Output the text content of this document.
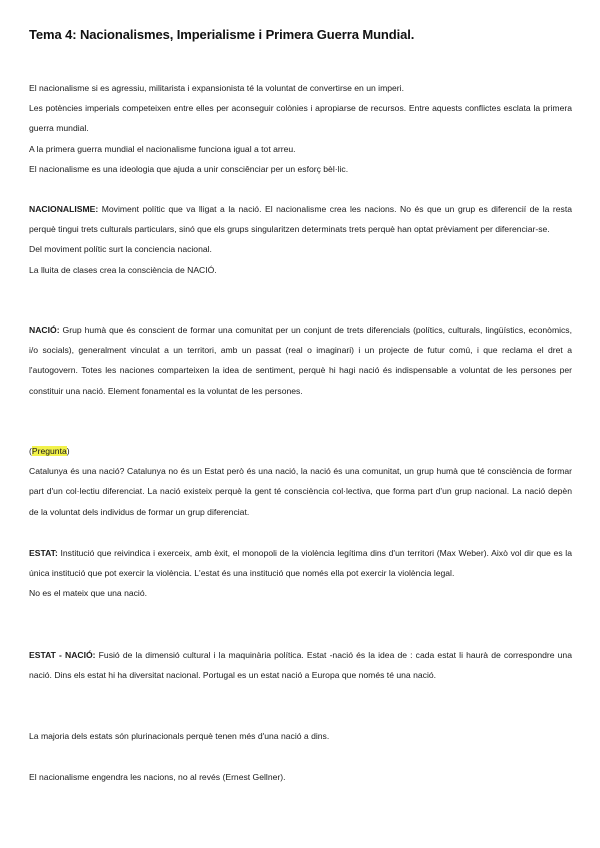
Tema 4: Nacionalismes, Imperialisme i Primera Guerra Mundial.

El nacionalisme si es agressiu, militarista i expansionista té la voluntat de convertirse en un imperi.

Les potències imperials competeixen entre elles per aconseguir colònies i apropiarse de recursos. Entre aquests conflictes esclata la primera guerra mundial.

A la primera guerra mundial el nacionalisme funciona igual a tot arreu.

El nacionalisme es una ideologia que ajuda a unir consciênciar per un esforç bèl·lic.

NACIONALISME: Moviment polític que va lligat a la nació. El nacionalisme crea les nacions. No és que un grup es diferencií de la resta perquè tingui trets culturals particulars, sinó que els grups singularitzen determinats trets perquè han optat prèviament per diferenciar-se.

Del moviment polític surt la conciencia nacional.

La lluita de clases crea la consciència de NACIÓ.

NACIÓ: Grup humà que és conscient de formar una comunitat per un conjunt de trets diferencials (polítics, culturals, lingüístics, econòmics, i/o socials), generalment vinculat a un territori, amb un passat (real o imaginari) i un projecte de futur comú, i que reclama el dret a l'autogovern. Totes les naciones comparteixen la idea de sentiment, perquè hi hagi nació és indispensable a voluntat de les persones per constituir una nació. Element fonamental es la voluntat de les persones.

(Pregunta)

Catalunya és una nació? Catalunya no és un Estat però és una nació, la nació és una comunitat, un grup humà que té consciència de formar part d'un col·lectiu diferenciat. La nació existeix perquè la gent té consciència col·lectiva, que forma part d'un grup nacional. La nació depèn de la voluntat dels individus de formar un grup diferenciat.

ESTAT: Institució que reivindica i exerceix, amb èxit, el monopoli de la violència legítima dins d'un territori (Max Weber). Això vol dir que es la única institució que pot exercir la violència. L'estat és una institució que només ella pot exercir la violència legal.

No es el mateix que una nació.

ESTAT - NACIÓ: Fusió de la dimensió cultural i la maquinària política. Estat -nació és la idea de : cada estat li haurà de correspondre una nació. Dins els estat hi ha diversitat nacional. Portugal es un estat nació a Europa que només té una nació.

La majoria dels estats són plurinacionals perquè tenen més d'una nació a dins.

El nacionalisme engendra les nacions, no al revés (Ernest Gellner).
